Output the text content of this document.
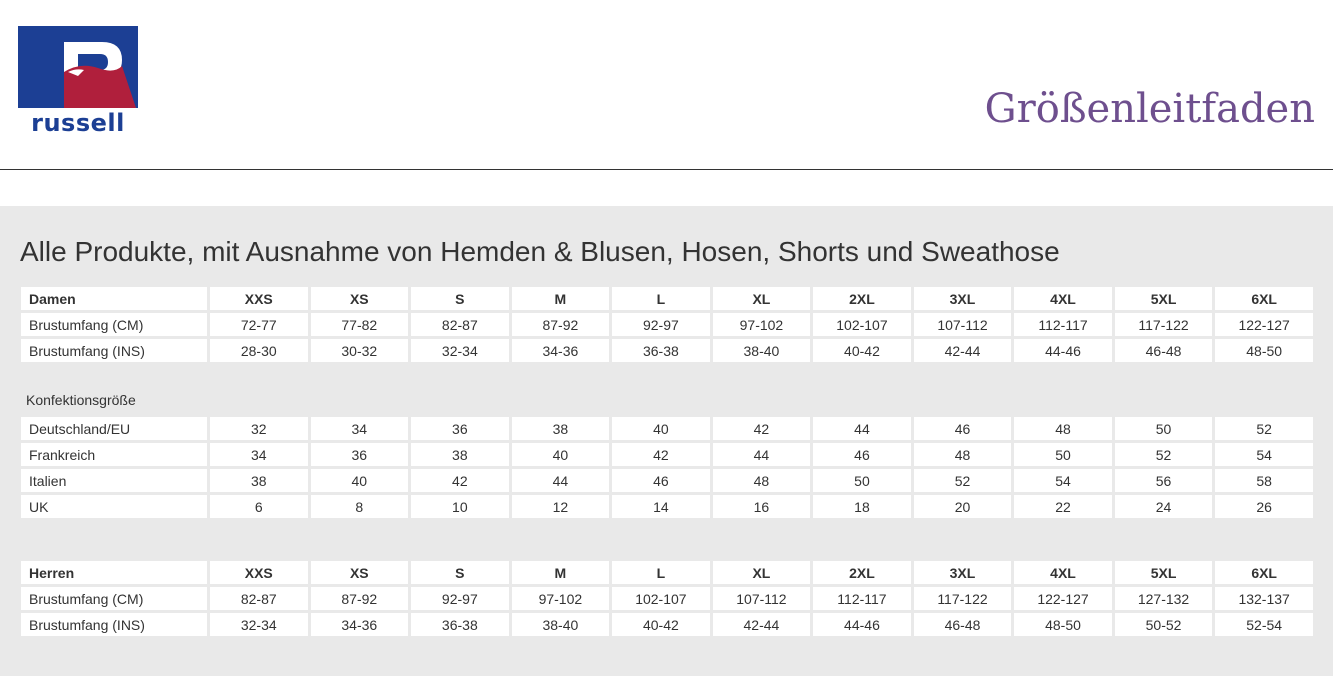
russell	Größenleitfaden
Alle Produkte, mit Ausnahme von Hemden & Blusen, Hosen, Shorts und Sweathose
Damen	XXS	XS	S	M	L	XL	2XL	3XL	4XL	5XL	6XL
Brustumfang (CM)	72-77	77-82	82-87	87-92	92-97	97-102	102-107	107-112	112-117	117-122	122-127
Brustumfang (INS)	28-30	30-32	32-34	34-36	36-38	38-40	40-42	42-44	44-46	46-48	48-50
Konfektionsgröße
Deutschland/EU	32	34	36	38	40	42	44	46	48	50	52
Frankreich	34	36	38	40	42	44	46	48	50	52	54
Italien	38	40	42	44	46	48	50	52	54	56	58
UK	6	8	10	12	14	16	18	20	22	24	26
Herren	XXS	XS	S	M	L	XL	2XL	3XL	4XL	5XL	6XL
Brustumfang (CM)	82-87	87-92	92-97	97-102	102-107	107-112	112-117	117-122	122-127	127-132	132-137
Brustumfang (INS)	32-34	34-36	36-38	38-40	40-42	42-44	44-46	46-48	48-50	50-52	52-54
